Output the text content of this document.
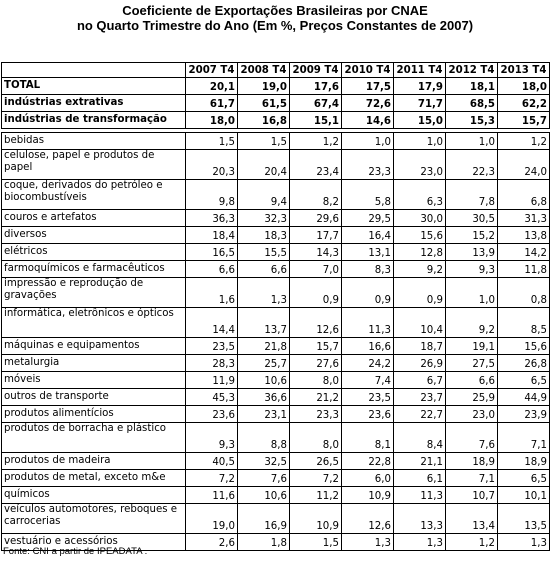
Coeficiente de Exportações Brasileiras por CNAE
no Quarto Trimestre do Ano (Em %, Preços Constantes de 2007)
	2007 T4	2008 T4	2009 T4	2010 T4	2011 T4	2012 T4	2013 T4
TOTAL	20,1	19,0	17,6	17,5	17,9	18,1	18,0
indústrias extrativas	61,7	61,5	67,4	72,6	71,7	68,5	62,2
indústrias de transformação	18,0	16,8	15,1	14,6	15,0	15,3	15,7

bebidas	1,5	1,5	1,2	1,0	1,0	1,0	1,2
celulose, papel e produtos de papel	20,3	20,4	23,4	23,3	23,0	22,3	24,0
coque, derivados do petróleo e biocombustíveis	9,8	9,4	8,2	5,8	6,3	7,8	6,8
couros e artefatos	36,3	32,3	29,6	29,5	30,0	30,5	31,3
diversos	18,4	18,3	17,7	16,4	15,6	15,2	13,8
elétricos	16,5	15,5	14,3	13,1	12,8	13,9	14,2
farmoquímicos e farmacêuticos	6,6	6,6	7,0	8,3	9,2	9,3	11,8
impressão e reprodução de gravações	1,6	1,3	0,9	0,9	0,9	1,0	0,8
informática, eletrônicos e ópticos	14,4	13,7	12,6	11,3	10,4	9,2	8,5
máquinas e equipamentos	23,5	21,8	15,7	16,6	18,7	19,1	15,6
metalurgia	28,3	25,7	27,6	24,2	26,9	27,5	26,8
móveis	11,9	10,6	8,0	7,4	6,7	6,6	6,5
outros de transporte	45,3	36,6	21,2	23,5	23,7	25,9	44,9
produtos alimentícios	23,6	23,1	23,3	23,6	22,7	23,0	23,9
produtos de borracha e plástico	9,3	8,8	8,0	8,1	8,4	7,6	7,1
produtos de madeira	40,5	32,5	26,5	22,8	21,1	18,9	18,9
produtos de metal, exceto m&e	7,2	7,6	7,2	6,0	6,1	7,1	6,5
químicos	11,6	10,6	11,2	10,9	11,3	10,7	10,1
veículos automotores, reboques e carrocerias	19,0	16,9	10,9	12,6	13,3	13,4	13,5
vestuário e acessórios	2,6	1,8	1,5	1,3	1,3	1,2	1,3
Fonte: CNI a partir de IPEADATA .
